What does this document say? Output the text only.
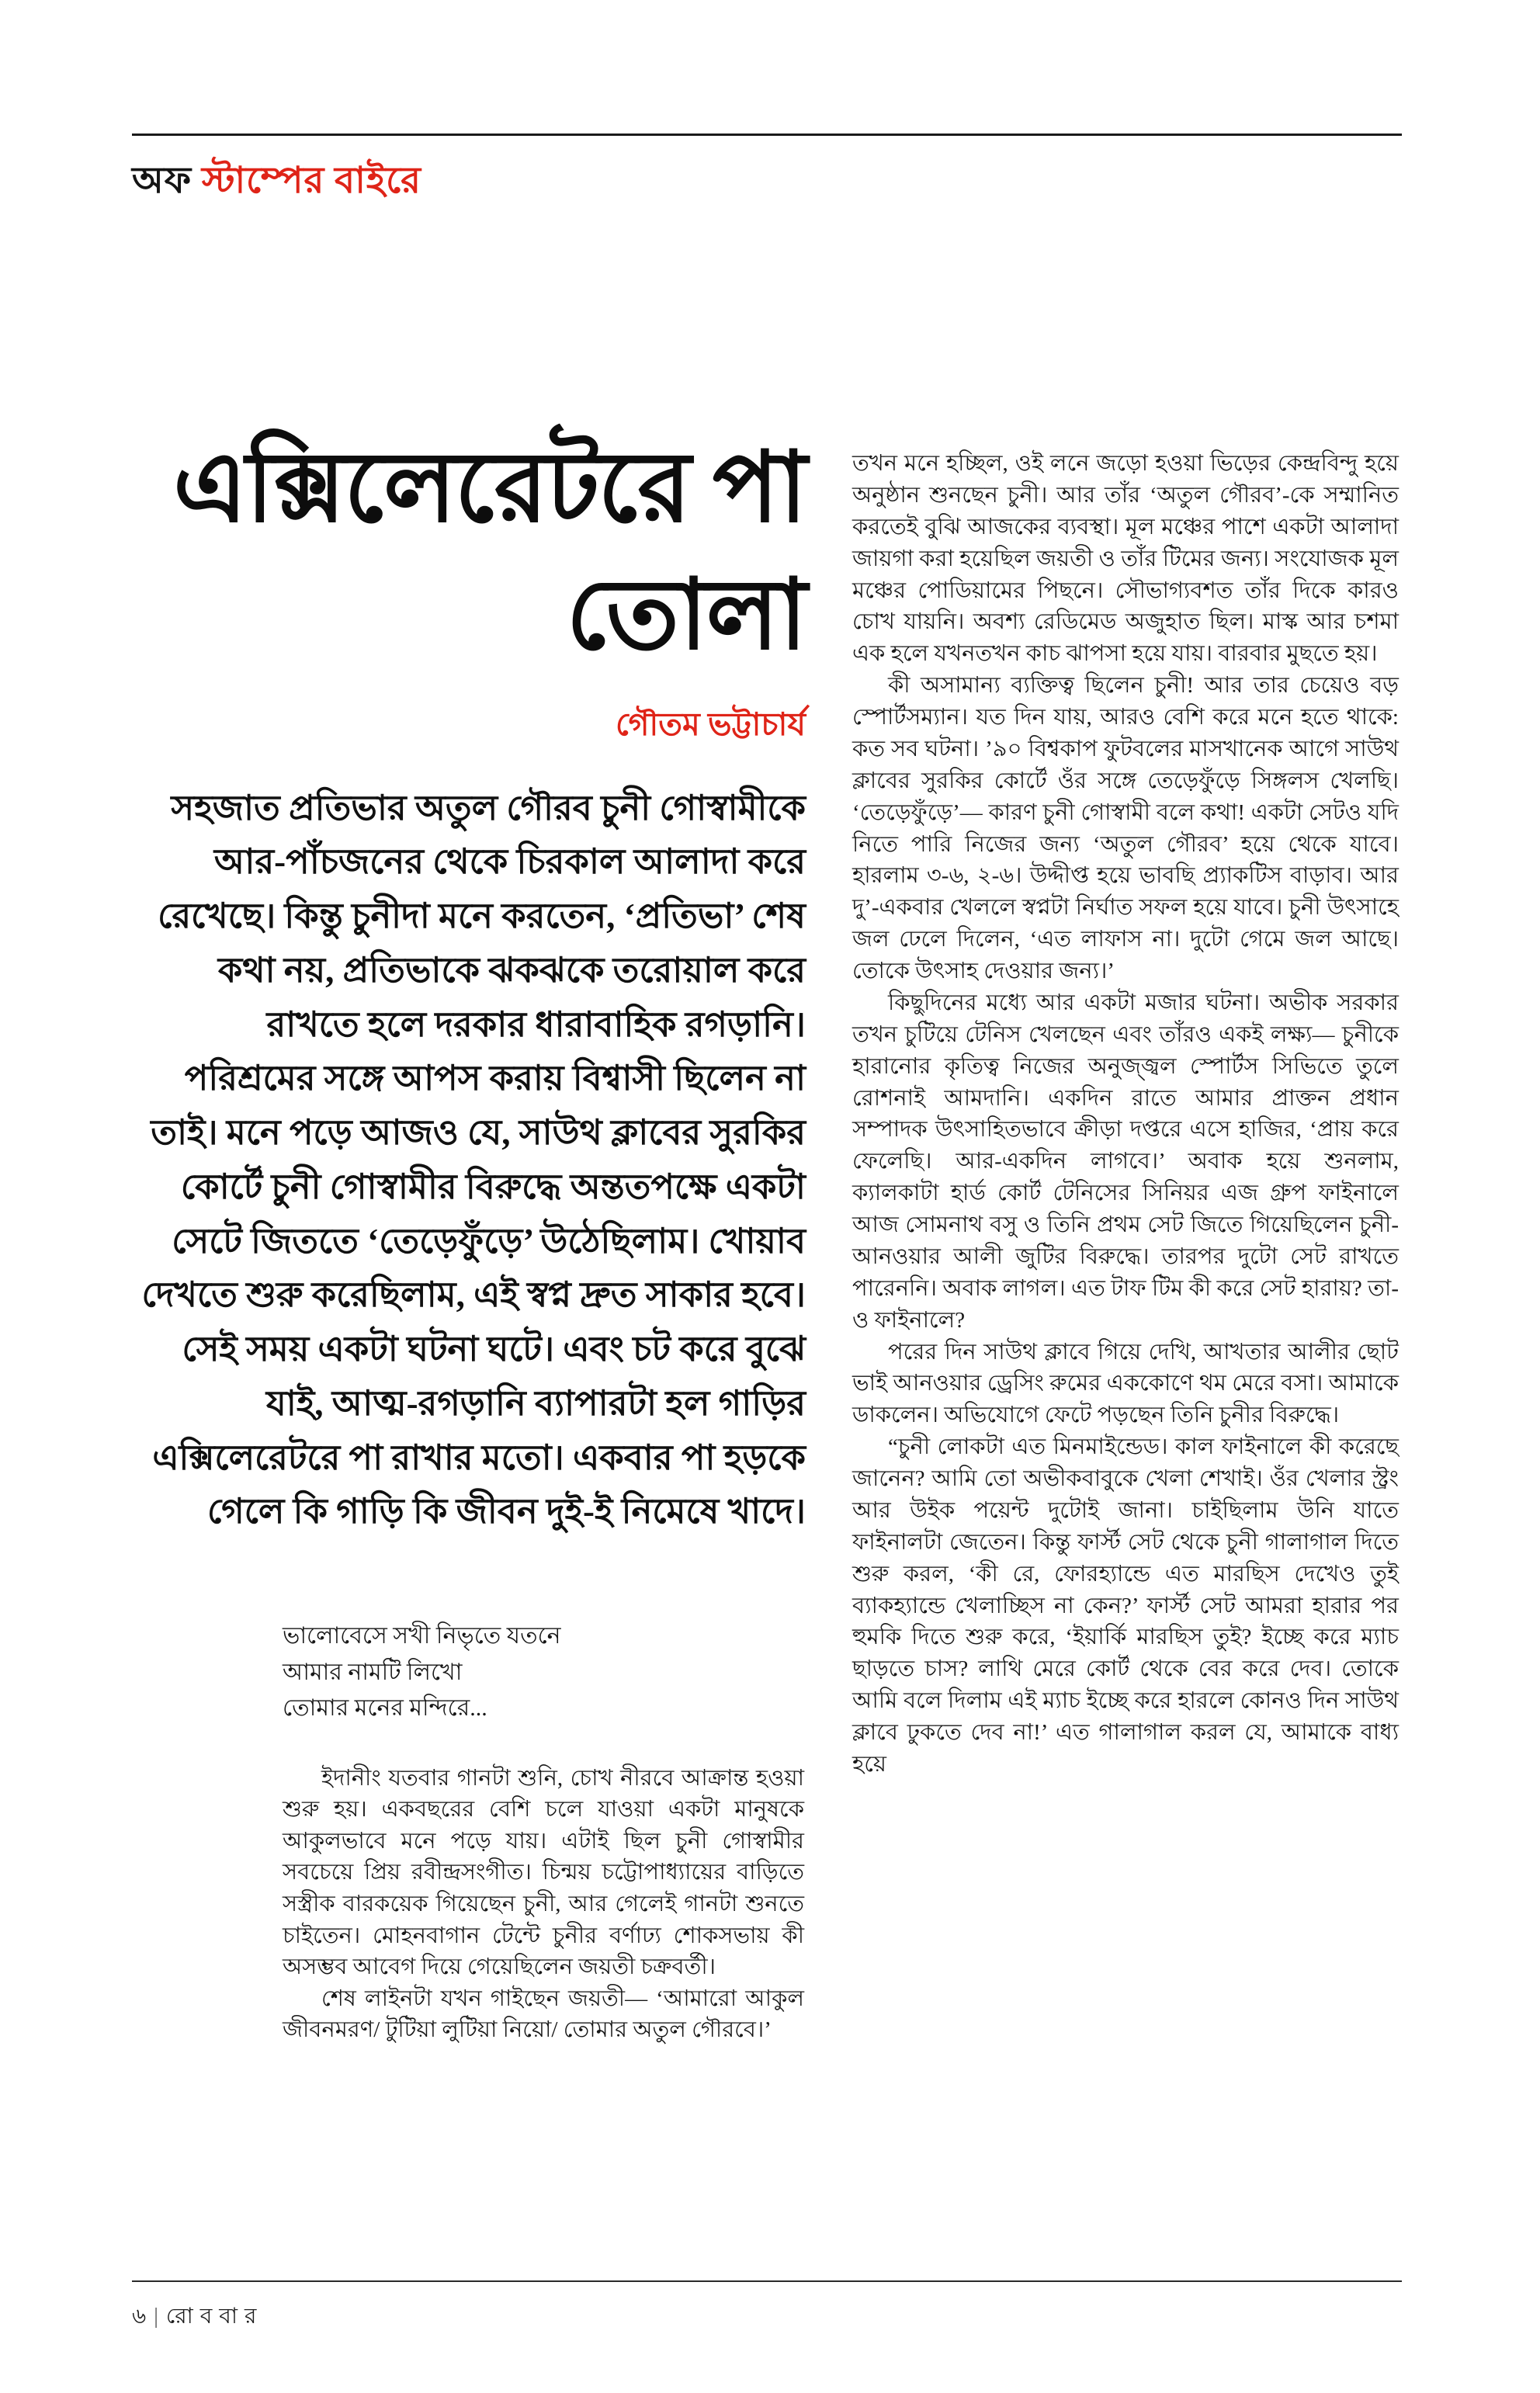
অফ স্টাম্পের বাইরে
এক্সিলেরেটরে পা তোলা
গৌতম ভট্টাচার্য
সহজাত প্রতিভার অতুল গৌরব চুনী গোস্বামীকে আর-পাঁচজনের থেকে চিরকাল আলাদা করে রেখেছে। কিন্তু চুনীদা মনে করতেন, ‘প্রতিভা’ শেষ কথা নয়, প্রতিভাকে ঝকঝকে তরোয়াল করে রাখতে হলে দরকার ধারাবাহিক রগড়ানি। পরিশ্রমের সঙ্গে আপস করায় বিশ্বাসী ছিলেন না তাই। মনে পড়ে আজও যে, সাউথ ক্লাবের সুরকির কোর্টে চুনী গোস্বামীর বিরুদ্ধে অন্ততপক্ষে একটা সেটে জিততে ‘তেড়েফুঁড়ে’ উঠেছিলাম। খোয়াব দেখতে শুরু করেছিলাম, এই স্বপ্ন দ্রুত সাকার হবে। সেই সময় একটা ঘটনা ঘটে। এবং চট করে বুঝে যাই, আত্ম-রগড়ানি ব্যাপারটা হল গাড়ির এক্সিলেরেটরে পা রাখার মতো। একবার পা হড়কে গেলে কি গাড়ি কি জীবন দুই-ই নিমেষে খাদে।
ভালোবেসে সখী নিভৃতে যতনে
আমার নামটি লিখো
তোমার মনের মন্দিরে...

ইদানীং যতবার গানটা শুনি, চোখ নীরবে আক্রান্ত হওয়া শুরু হয়। একবছরের বেশি চলে যাওয়া একটা মানুষকে আকুলভাবে মনে পড়ে যায়। এটাই ছিল চুনী গোস্বামীর সবচেয়ে প্রিয় রবীন্দ্রসংগীত। চিন্ময় চট্টোপাধ্যায়ের বাড়িতে সস্ত্রীক বারকয়েক গিয়েছেন চুনী, আর গেলেই গানটা শুনতে চাইতেন। মোহনবাগান টেন্টে চুনীর বর্ণাঢ্য শোকসভায় কী অসম্ভব আবেগ দিয়ে গেয়েছিলেন জয়তী চক্রবর্তী।

শেষ লাইনটা যখন গাইছেন জয়তী— ‘আমারো আকুল জীবনমরণ/ টুটিয়া লুটিয়া নিয়ো/ তোমার অতুল গৌরবে।’

তখন মনে হচ্ছিল, ওই লনে জড়ো হওয়া ভিড়ের কেন্দ্রবিন্দু হয়ে অনুষ্ঠান শুনছেন চুনী। আর তাঁর ‘অতুল গৌরব’-কে সম্মানিত করতেই বুঝি আজকের ব্যবস্থা। মূল মঞ্চের পাশে একটা আলাদা জায়গা করা হয়েছিল জয়তী ও তাঁর টিমের জন্য। সংযোজক মূল মঞ্চের পোডিয়ামের পিছনে। সৌভাগ্যবশত তাঁর দিকে কারও চোখ যায়নি। অবশ্য রেডিমেড অজুহাত ছিল। মাস্ক আর চশমা এক হলে যখনতখন কাচ ঝাপসা হয়ে যায়। বারবার মুছতে হয়।

কী অসামান্য ব্যক্তিত্ব ছিলেন চুনী! আর তার চেয়েও বড় স্পোর্টসম্যান। যত দিন যায়, আরও বেশি করে মনে হতে থাকে: কত সব ঘটনা। ’৯০ বিশ্বকাপ ফুটবলের মাসখানেক আগে সাউথ ক্লাবের সুরকির কোর্টে ওঁর সঙ্গে তেড়েফুঁড়ে সিঙ্গলস খেলছি। ‘তেড়েফুঁড়ে’— কারণ চুনী গোস্বামী বলে কথা! একটা সেটও যদি নিতে পারি নিজের জন্য ‘অতুল গৌরব’ হয়ে থেকে যাবে। হারলাম ৩-৬, ২-৬। উদ্দীপ্ত হয়ে ভাবছি প্র্যাকটিস বাড়াব। আর দু’-একবার খেললে স্বপ্নটা নির্ঘাত সফল হয়ে যাবে। চুনী উৎসাহে জল ঢেলে দিলেন, ‘এত লাফাস না। দুটো গেমে জল আছে। তোকে উৎসাহ দেওয়ার জন্য।’

কিছুদিনের মধ্যে আর একটা মজার ঘটনা। অভীক সরকার তখন চুটিয়ে টেনিস খেলছেন এবং তাঁরও একই লক্ষ্য— চুনীকে হারানোর কৃতিত্ব নিজের অনুজ্জ্বল স্পোর্টস সিভিতে তুলে রোশনাই আমদানি। একদিন রাতে আমার প্রাক্তন প্রধান সম্পাদক উৎসাহিতভাবে ক্রীড়া দপ্তরে এসে হাজির, ‘প্রায় করে ফেলেছি। আর-একদিন লাগবে।’ অবাক হয়ে শুনলাম, ক্যালকাটা হার্ড কোর্ট টেনিসের সিনিয়র এজ গ্রুপ ফাইনালে আজ সোমনাথ বসু ও তিনি প্রথম সেট জিতে গিয়েছিলেন চুনী-আনওয়ার আলী জুটির বিরুদ্ধে। তারপর দুটো সেট রাখতে পারেননি। অবাক লাগল। এত টাফ টিম কী করে সেট হারায়? তা-ও ফাইনালে?

পরের দিন সাউথ ক্লাবে গিয়ে দেখি, আখতার আলীর ছোট ভাই আনওয়ার ড্রেসিং রুমের এককোণে থম মেরে বসা। আমাকে ডাকলেন। অভিযোগে ফেটে পড়ছেন তিনি চুনীর বিরুদ্ধে।

“চুনী লোকটা এত মিনমাইন্ডেড। কাল ফাইনালে কী করেছে জানেন? আমি তো অভীকবাবুকে খেলা শেখাই। ওঁর খেলার স্ট্রং আর উইক পয়েন্ট দুটোই জানা। চাইছিলাম উনি যাতে ফাইনালটা জেতেন। কিন্তু ফার্স্ট সেট থেকে চুনী গালাগাল দিতে শুরু করল, ‘কী রে, ফোরহ্যান্ডে এত মারছিস দেখেও তুই ব্যাকহ্যান্ডে খেলাচ্ছিস না কেন?’ ফার্স্ট সেট আমরা হারার পর হুমকি দিতে শুরু করে, ‘ইয়ার্কি মারছিস তুই? ইচ্ছে করে ম্যাচ ছাড়তে চাস? লাথি মেরে কোর্ট থেকে বের করে দেব। তোকে আমি বলে দিলাম এই ম্যাচ ইচ্ছে করে হারলে কোনও দিন সাউথ ক্লাবে ঢুকতে দেব না!’ এত গালাগাল করল যে, আমাকে বাধ্য হয়ে

৬ | রোববার
